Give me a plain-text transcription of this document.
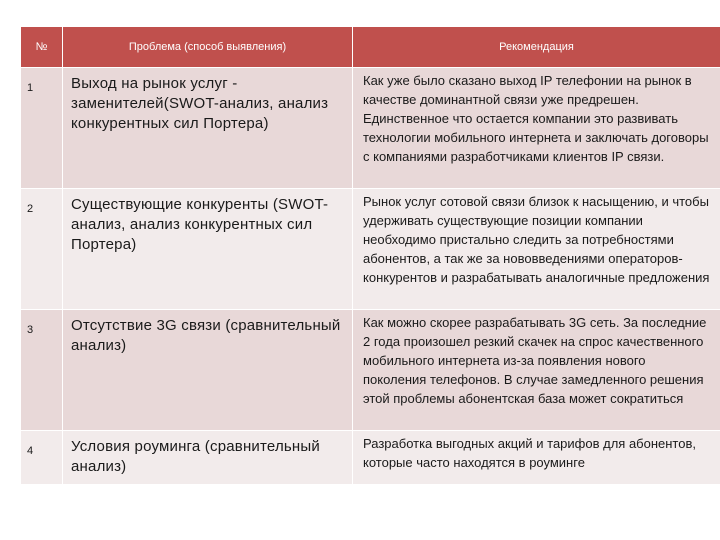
№	Проблема (способ выявления)	Рекомендация
1	Выход на рынок услуг - заменителей(SWOT-анализ, анализ конкурентных сил Портера)	Как уже было сказано выход IP телефонии на рынок в качестве доминантной связи уже предрешен. Единственное что остается компании это развивать технологии мобильного интернета и заключать договоры с компаниями разработчиками клиентов IP связи.
2	Существующие конкуренты (SWOT-анализ, анализ конкурентных сил Портера)	Рынок услуг сотовой связи близок к насыщению, и чтобы удерживать существующие позиции компании необходимо пристально следить за потребностями абонентов, а так же за нововведениями операторов-конкурентов и разрабатывать аналогичные предложения
3	Отсутствие 3G связи (сравнительный анализ)	Как можно скорее разрабатывать 3G сеть. За последние 2 года произошел резкий скачек на спрос качественного мобильного интернета из-за появления нового поколения телефонов. В случае замедленного решения этой проблемы абонентская база может сократиться
4	Условия роуминга (сравнительный анализ)	Разработка выгодных акций и тарифов для абонентов, которые часто находятся в роуминге
